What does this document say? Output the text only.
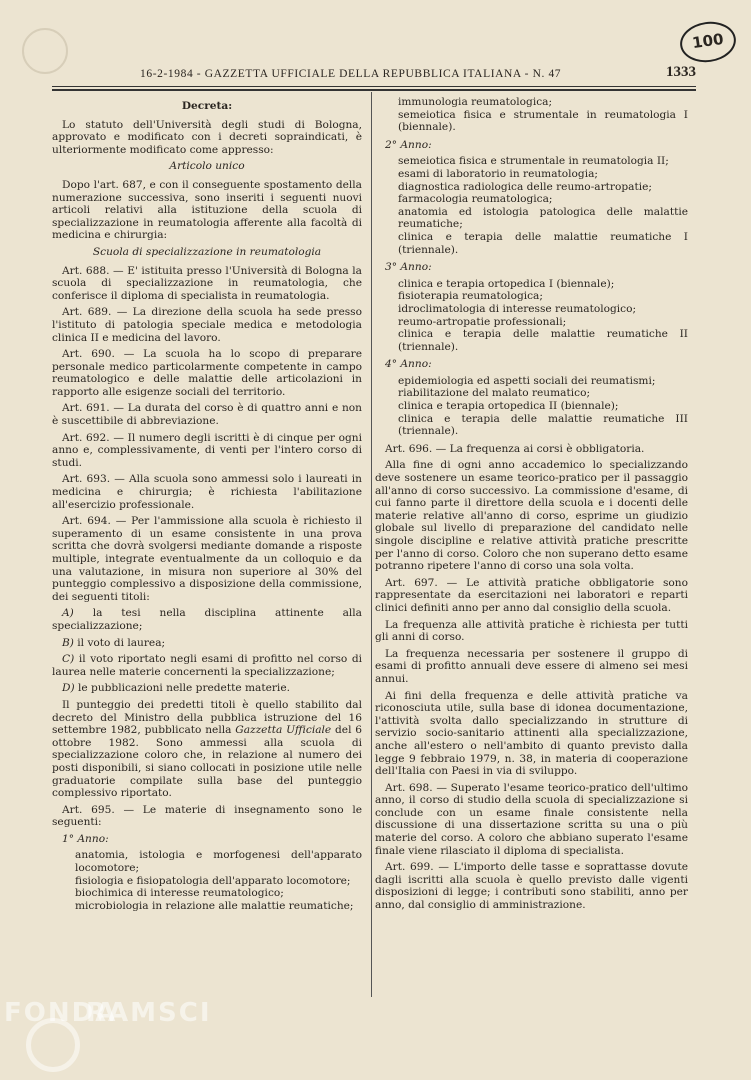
100
16-2-1984 - GAZZETTA UFFICIALE DELLA REPUBBLICA ITALIANA - N. 47	1333

Decreta:

Lo statuto dell'Università degli studi di Bologna, approvato e modificato con i decreti sopraindicati, è ulteriormente modificato come appresso:

Articolo unico

Dopo l'art. 687, e con il conseguente spostamento della numerazione successiva, sono inseriti i seguenti nuovi articoli relativi alla istituzione della scuola di specializzazione in reumatologia afferente alla facoltà di medicina e chirurgia:

Scuola di specializzazione in reumatologia

Art. 688. — E' istituita presso l'Università di Bologna la scuola di specializzazione in reumatologia, che conferisce il diploma di specialista in reumatologia.

Art. 689. — La direzione della scuola ha sede presso l'istituto di patologia speciale medica e metodologia clinica II e medicina del lavoro.

Art. 690. — La scuola ha lo scopo di preparare personale medico particolarmente competente in campo reumatologico e delle malattie delle articolazioni in rapporto alle esigenze sociali del territorio.

Art. 691. — La durata del corso è di quattro anni e non è suscettibile di abbreviazione.

Art. 692. — Il numero degli iscritti è di cinque per ogni anno e, complessivamente, di venti per l'intero corso di studi.

Art. 693. — Alla scuola sono ammessi solo i laureati in medicina e chirurgia; è richiesta l'abilitazione all'esercizio professionale.

Art. 694. — Per l'ammissione alla scuola è richiesto il superamento di un esame consistente in una prova scritta che dovrà svolgersi mediante domande a risposte multiple, integrate eventualmente da un colloquio e da una valutazione, in misura non superiore al 30% del punteggio complessivo a disposizione della commissione, dei seguenti titoli:

A) la tesi nella disciplina attinente alla specializzazione;

B) il voto di laurea;

C) il voto riportato negli esami di profitto nel corso di laurea nelle materie concernenti la specializzazione;

D) le pubblicazioni nelle predette materie.

Il punteggio dei predetti titoli è quello stabilito dal decreto del Ministro della pubblica istruzione del 16 settembre 1982, pubblicato nella Gazzetta Ufficiale del 6 ottobre 1982. Sono ammessi alla scuola di specializzazione coloro che, in relazione al numero dei posti disponibili, si siano collocati in posizione utile nelle graduatorie compilate sulla base del punteggio complessivo riportato.

Art. 695. — Le materie di insegnamento sono le seguenti:

1° Anno:

anatomia, istologia e morfogenesi dell'apparato locomotore;

fisiologia e fisiopatologia dell'apparato locomotore;

biochimica di interesse reumatologico;

microbiologia in relazione alle malattie reumatiche;

immunologia reumatologica;

semeiotica fisica e strumentale in reumatologia I (biennale).

2° Anno:

semeiotica fisica e strumentale in reumatologia II;

esami di laboratorio in reumatologia;

diagnostica radiologica delle reumo-artropatie;

farmacologia reumatologica;

anatomia ed istologia patologica delle malattie reumatiche;

clinica e terapia delle malattie reumatiche I (triennale).

3° Anno:

clinica e terapia ortopedica I (biennale);

fisioterapia reumatologica;

idroclimatologia di interesse reumatologico;

reumo-artropatie professionali;

clinica e terapia delle malattie reumatiche II (triennale).

4° Anno:

epidemiologia ed aspetti sociali dei reumatismi;

riabilitazione del malato reumatico;

clinica e terapia ortopedica II (biennale);

clinica e terapia delle malattie reumatiche III (triennale).

Art. 696. — La frequenza ai corsi è obbligatoria.

Alla fine di ogni anno accademico lo specializzando deve sostenere un esame teorico-pratico per il passaggio all'anno di corso successivo. La commissione d'esame, di cui fanno parte il direttore della scuola e i docenti delle materie relative all'anno di corso, esprime un giudizio globale sul livello di preparazione del candidato nelle singole discipline e relative attività pratiche prescritte per l'anno di corso. Coloro che non superano detto esame potranno ripetere l'anno di corso una sola volta.

Art. 697. — Le attività pratiche obbligatorie sono rappresentate da esercitazioni nei laboratori e reparti clinici definiti anno per anno dal consiglio della scuola.

La frequenza alle attività pratiche è richiesta per tutti gli anni di corso.

La frequenza necessaria per sostenere il gruppo di esami di profitto annuali deve essere di almeno sei mesi annui.

Ai fini della frequenza e delle attività pratiche va riconosciuta utile, sulla base di idonea documentazione, l'attività svolta dallo specializzando in strutture di servizio socio-sanitario attinenti alla specializzazione, anche all'estero o nell'ambito di quanto previsto dalla legge 9 febbraio 1979, n. 38, in materia di cooperazione dell'Italia con Paesi in via di sviluppo.

Art. 698. — Superato l'esame teorico-pratico dell'ultimo anno, il corso di studio della scuola di specializzazione si conclude con un esame finale consistente nella discussione di una dissertazione scritta su una o più materie del corso. A coloro che abbiano superato l'esame finale viene rilasciato il diploma di specialista.

Art. 699. — L'importo delle tasse e soprattasse dovute dagli iscritti alla scuola è quello previsto dalle vigenti disposizioni di legge; i contributi sono stabiliti, anno per anno, dal consiglio di amministrazione.

FONDA
RAMSCI
